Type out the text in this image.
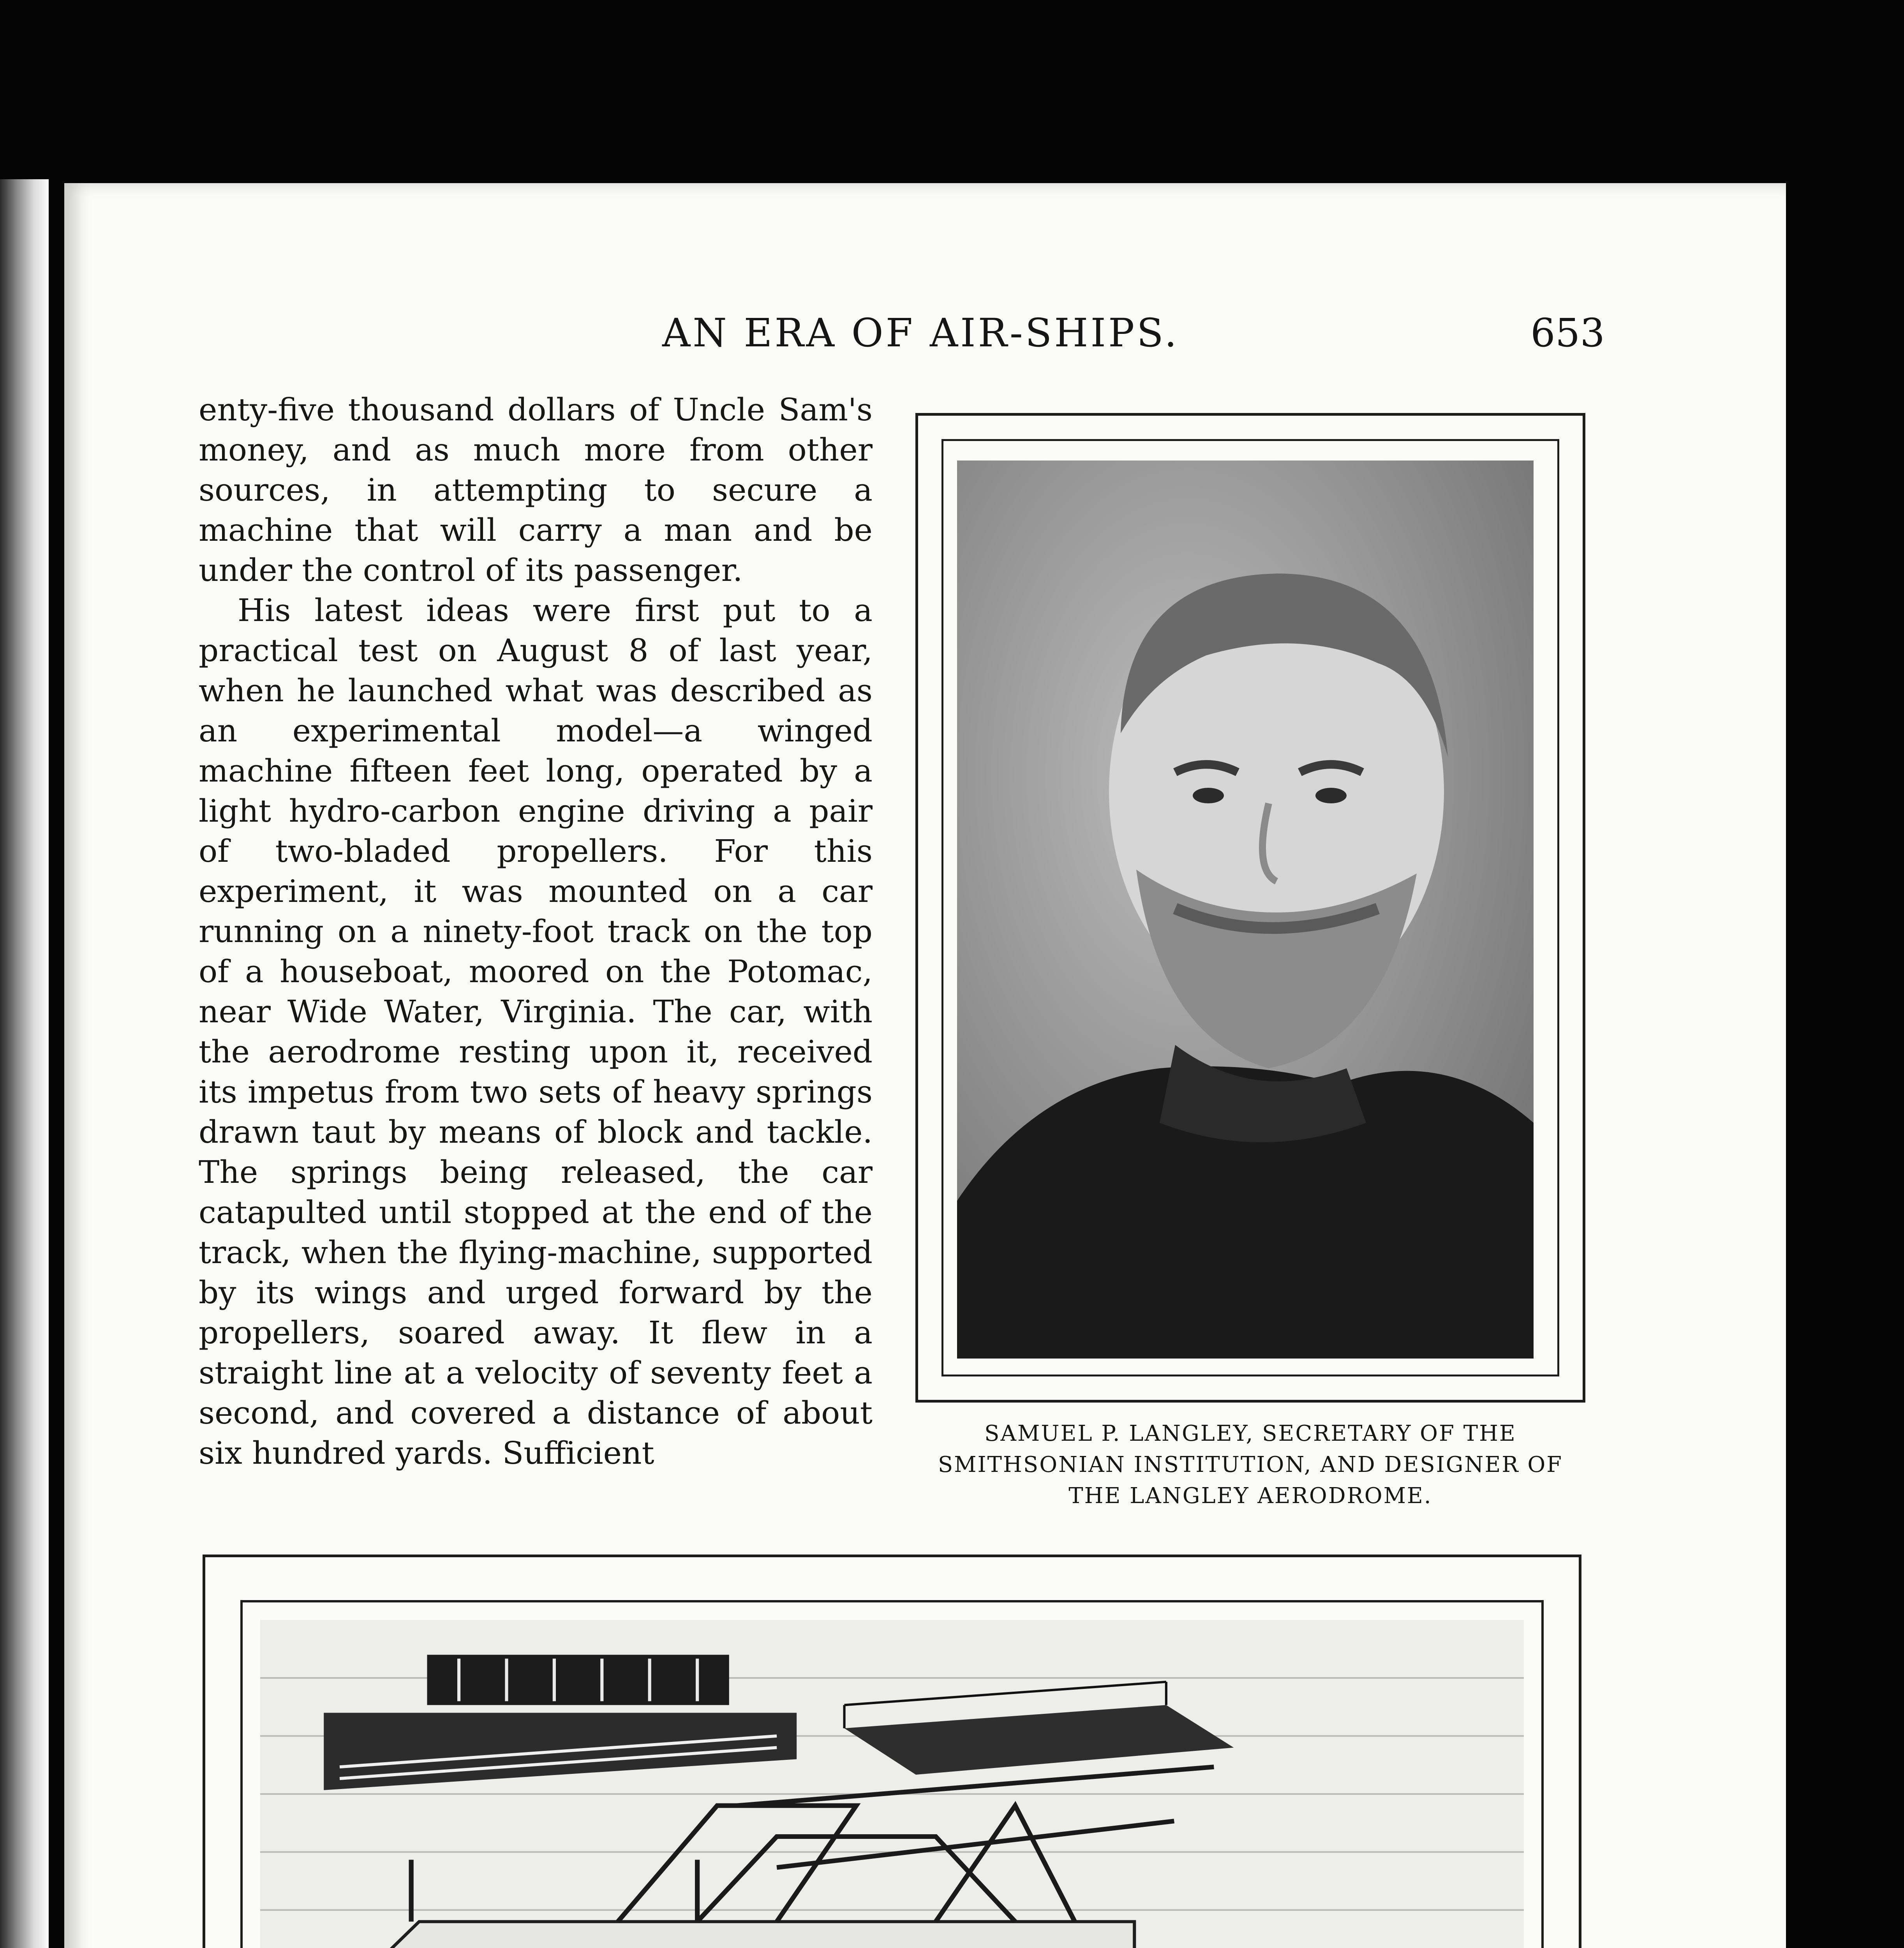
AN ERA OF AIR-SHIPS.	653

enty-five thousand dollars of Uncle Sam's money, and as much more from other sources, in attempting to secure a machine that will carry a man and be under the control of its passenger.

His latest ideas were first put to a practical test on August 8 of last year, when he launched what was described as an experimental model—a winged machine fifteen feet long, operated by a light hydro-carbon engine driving a pair of two-bladed propellers. For this experiment, it was mounted on a car running on a ninety-foot track on the top of a houseboat, moored on the Potomac, near Wide Water, Virginia. The car, with the aerodrome resting upon it, received its impetus from two sets of heavy springs drawn taut by means of block and tackle. The springs being released, the car catapulted until stopped at the end of the track, when the flying-machine, supported by its wings and urged forward by the propellers, soared away. It flew in a straight line at a velocity of seventy feet a second, and covered a distance of about six hundred yards. Sufficient

SAMUEL P. LANGLEY, SECRETARY OF THE SMITHSONIAN INSTITUTION, AND DESIGNER OF THE LANGLEY AERODROME.
